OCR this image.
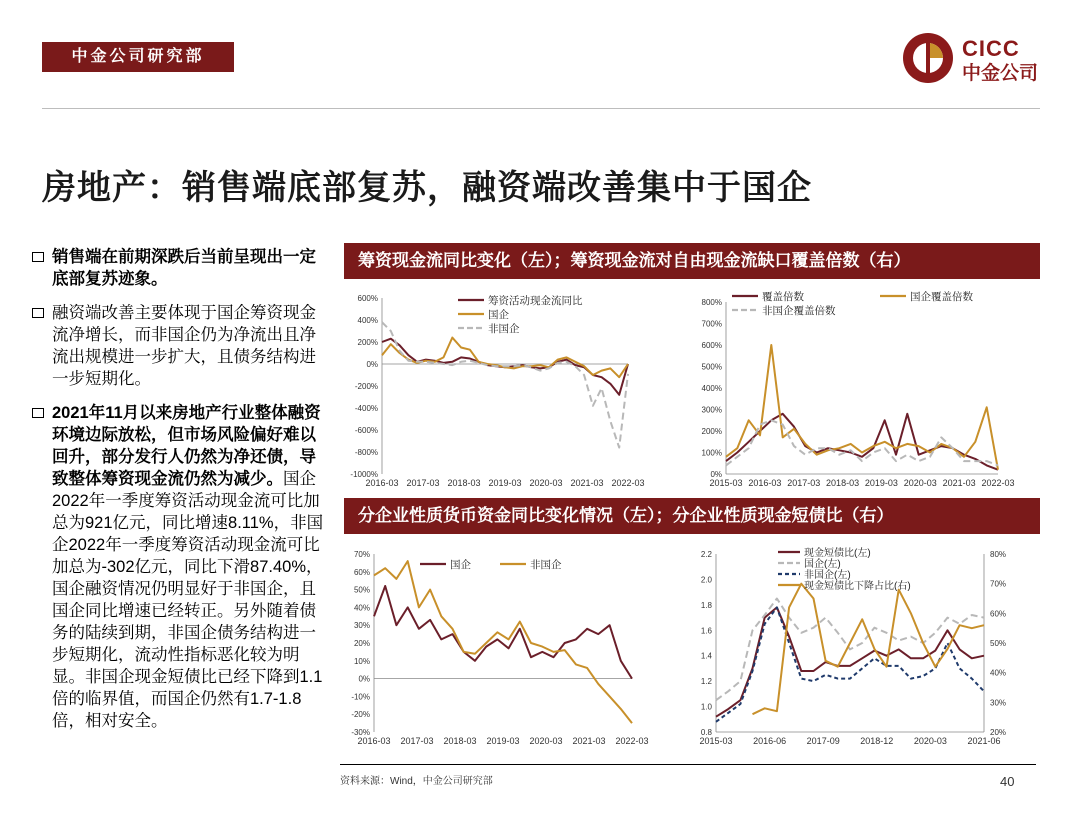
中金公司研究部	CICC
中金公司
房地产：销售端底部复苏，融资端改善集中于国企
销售端在前期深跌后当前呈现出一定底部复苏迹象。
融资端改善主要体现于国企筹资现金流净增长，而非国企仍为净流出且净流出规模进一步扩大，且债务结构进一步短期化。
2021年11月以来房地产行业整体融资环境边际放松，但市场风险偏好难以回升，部分发行人仍然为净还债，导致整体筹资现金流仍然为减少。国企2022年一季度筹资活动现金流可比加总为921亿元，同比增速8.11%，非国企2022年一季度筹资活动现金流可比加总为-302亿元，同比下滑87.40%，国企融资情况仍明显好于非国企，且国企同比增速已经转正。另外随着债务的陆续到期，非国企债务结构进一步短期化，流动性指标恶化较为明显。非国企现金短债比已经下降到1.1倍的临界值，而国企仍然有1.7-1.8倍，相对安全。
筹资现金流同比变化（左）；筹资现金流对自由现金流缺口覆盖倍数（右）
分企业性质货币资金同比变化情况（左）；分企业性质现金短债比（右）
600%
400%
200%
0%
-200%
-400%
-600%
-800%
-1000%
2016-03 2017-03 2018-03 2019-03 2020-03 2021-03 2022-03
筹资活动现金流同比
国企
非国企
800%
700%
600%
500%
400%
300%
200%
100%
0%
2015-03 2016-03 2017-03 2018-03 2019-03 2020-03 2021-03 2022-03
覆盖倍数	国企覆盖倍数
非国企覆盖倍数
70%
60%
50%
40%
30%
20%
10%
0%
-10%
-20%
-30%
2016-03 2017-03 2018-03 2019-03 2020-03 2021-03 2022-03
国企	非国企
2.2
2.0
1.8
1.6
1.4
1.2
1.0
0.8
80%
70%
60%
50%
40%
30%
20%
2015-03 2016-06 2017-09 2018-12 2020-03 2021-06
现金短债比(左)
国企(左)
非国企(左)
现金短债比下降占比(右)
资料来源：Wind，中金公司研究部	40
